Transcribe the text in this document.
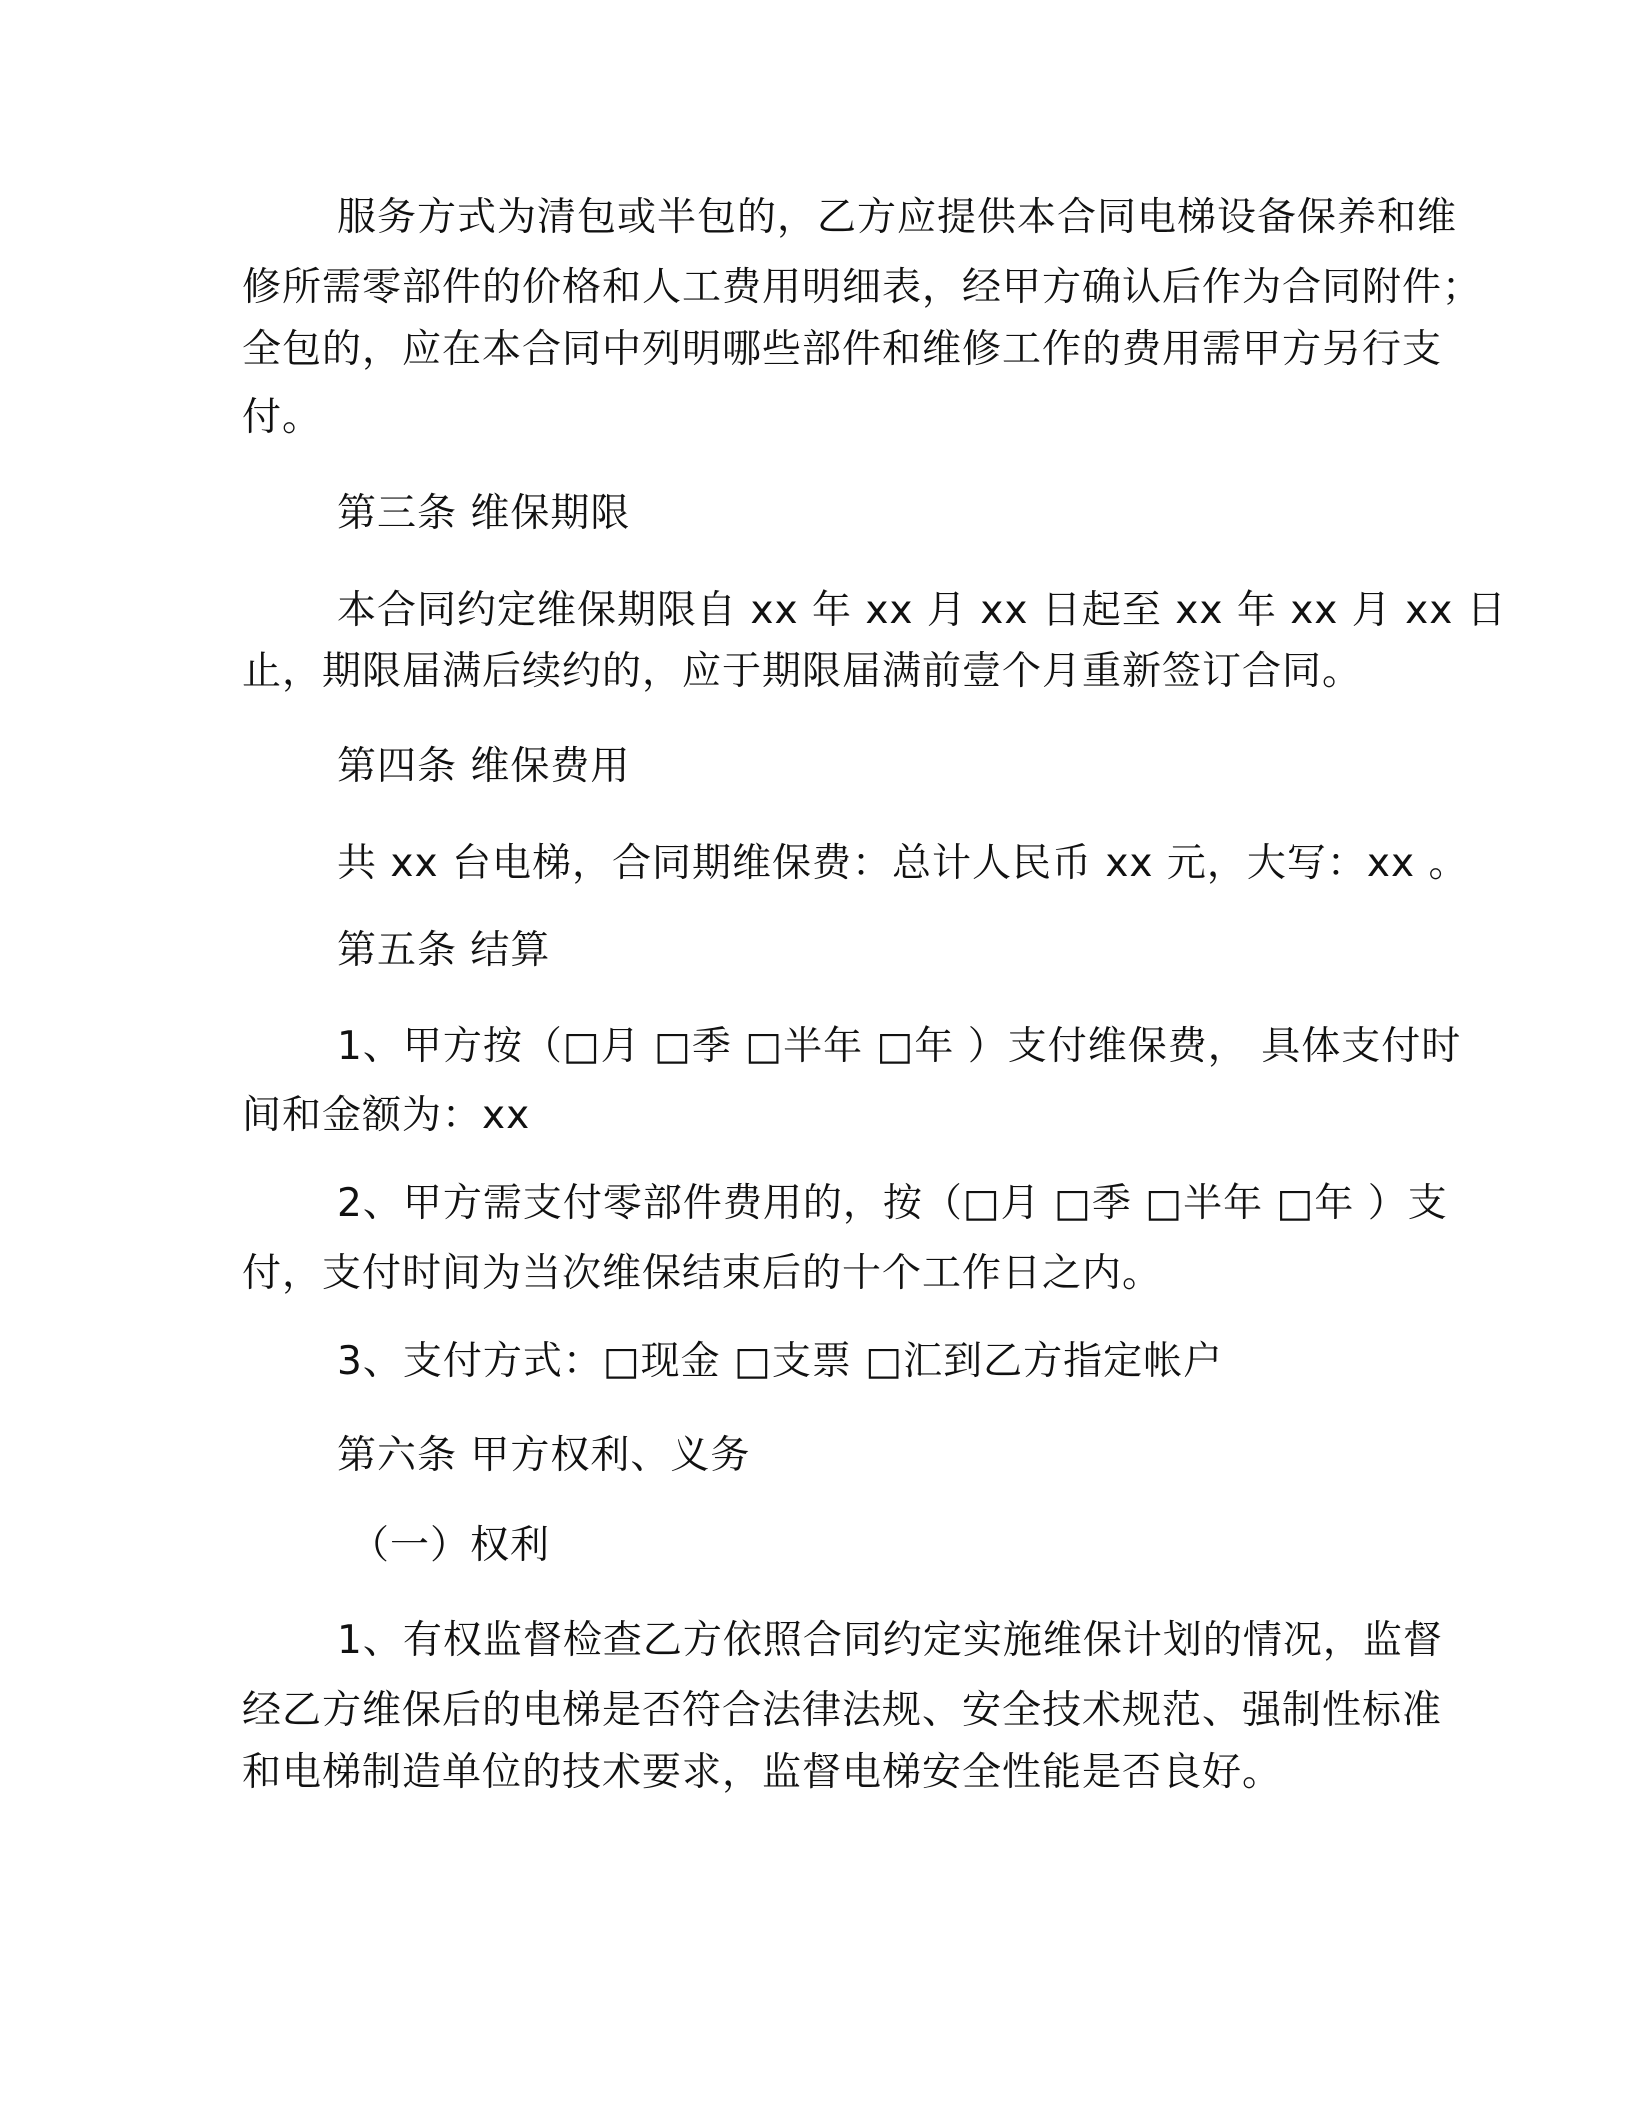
服务方式为清包或半包的，乙方应提供本合同电梯设备保养和维
修所需零部件的价格和人工费用明细表，经甲方确认后作为合同附件；
全包的，应在本合同中列明哪些部件和维修工作的费用需甲方另行支
付。
第三条 维保期限
本合同约定维保期限自 xx 年 xx 月 xx 日起至 xx 年 xx 月 xx 日
止，期限届满后续约的，应于期限届满前壹个月重新签订合同。
第四条 维保费用
共 xx 台电梯，合同期维保费：总计人民币 xx 元，大写：xx 。
第五条 结算
1、甲方按（□月 □季 □半年 □年 ）支付维保费， 具体支付时
间和金额为：xx
2、甲方需支付零部件费用的，按（□月 □季 □半年 □年 ）支
付，支付时间为当次维保结束后的十个工作日之内。
3、支付方式：□现金 □支票 □汇到乙方指定帐户
第六条 甲方权利、义务
（一）权利
1、有权监督检查乙方依照合同约定实施维保计划的情况，监督
经乙方维保后的电梯是否符合法律法规、安全技术规范、强制性标准
和电梯制造单位的技术要求，监督电梯安全性能是否良好。
